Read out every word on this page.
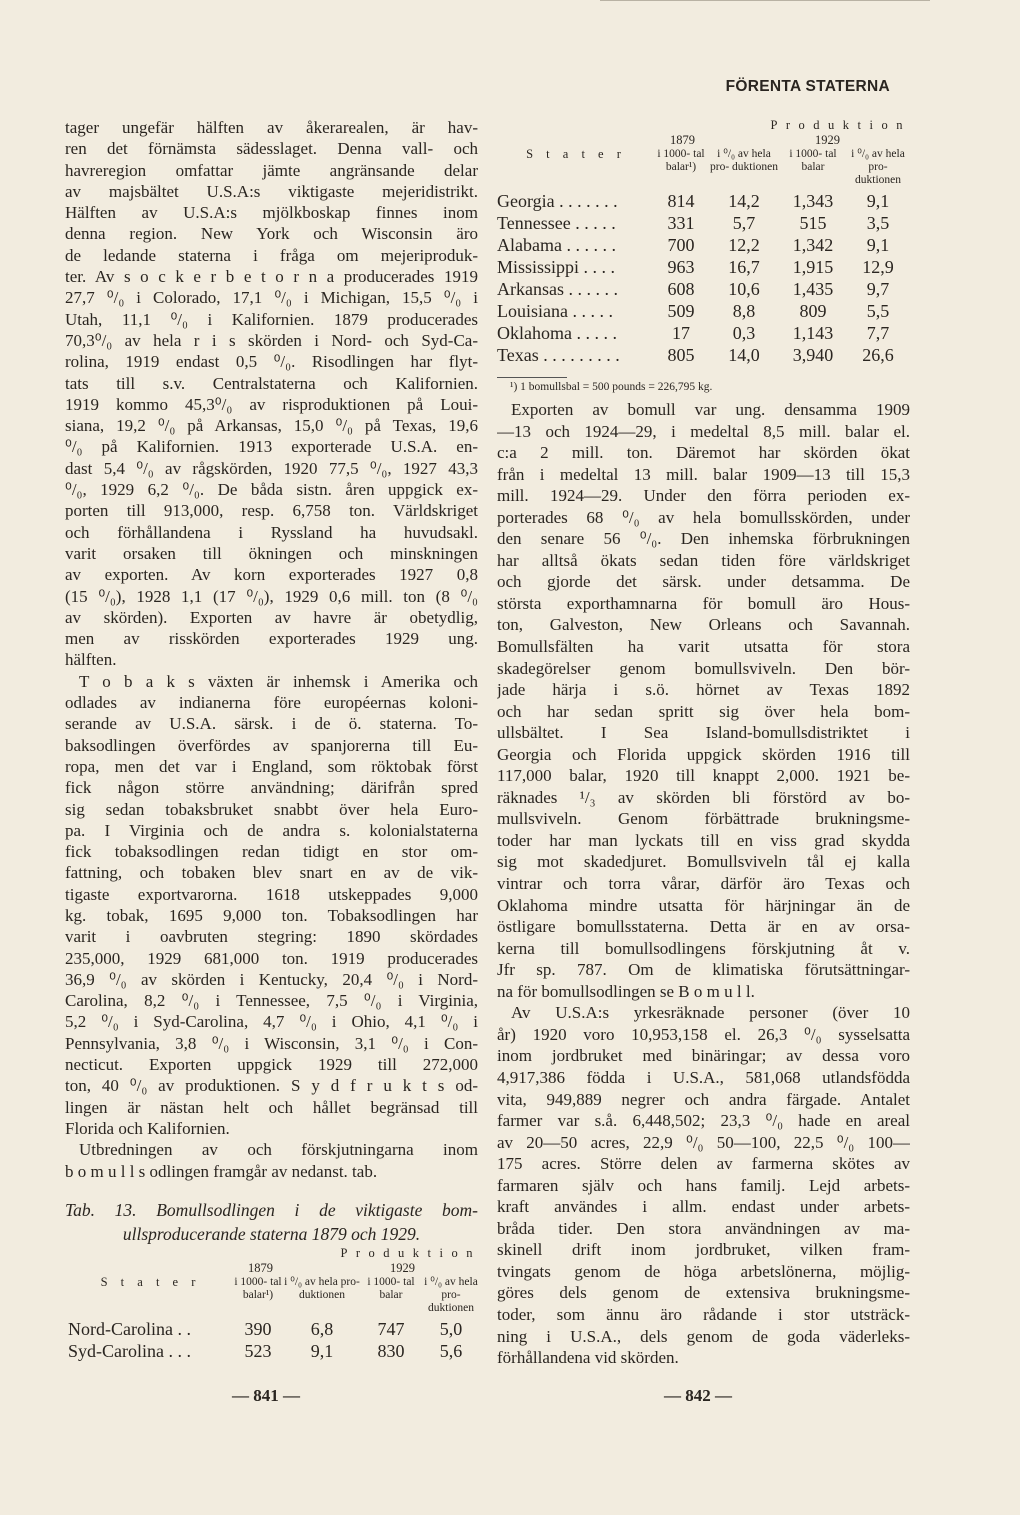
FÖRENTA STATERNA
tager ungefär hälften av åkerarealen, är hav-
ren det förnämsta sädesslaget. Denna vall- och
havreregion omfattar jämte angränsande delar
av majsbältet U.S.A:s viktigaste mejeridistrikt.
Hälften av U.S.A:s mjölkboskap finnes inom
denna region. New York och Wisconsin äro
de ledande staterna i fråga om mejeriproduk-
ter. Av s o c k e r b e t o r n a producerades 1919
27,7 ⁰/₀ i Colorado, 17,1 ⁰/₀ i Michigan, 15,5 ⁰/₀ i
Utah, 11,1 ⁰/₀ i Kalifornien. 1879 producerades
70,3⁰/₀ av hela r i s skörden i Nord- och Syd-Ca-
rolina, 1919 endast 0,5 ⁰/₀. Risodlingen har flyt-
tats till s.v. Centralstaterna och Kalifornien.
1919 kommo 45,3⁰/₀ av risproduktionen på Loui-
siana, 19,2 ⁰/₀ på Arkansas, 15,0 ⁰/₀ på Texas, 19,6
⁰/₀ på Kalifornien. 1913 exporterade U.S.A. en-
dast 5,4 ⁰/₀ av rågskörden, 1920 77,5 ⁰/₀, 1927 43,3
⁰/₀, 1929 6,2 ⁰/₀. De båda sistn. åren uppgick ex-
porten till 913,000, resp. 6,758 ton. Världskriget
och förhållandena i Ryssland ha huvudsakl.
varit orsaken till ökningen och minskningen
av exporten. Av korn exporterades 1927 0,8
(15 ⁰/₀), 1928 1,1 (17 ⁰/₀), 1929 0,6 mill. ton (8 ⁰/₀
av skörden). Exporten av havre är obetydlig,
men av risskörden exporterades 1929 ung.
hälften.
T o b a k s växten är inhemsk i Amerika och
odlades av indianerna före européernas koloni-
serande av U.S.A. särsk. i de ö. staterna. To-
baksodlingen överfördes av spanjorerna till Eu-
ropa, men det var i England, som röktobak först
fick någon större användning; därifrån spred
sig sedan tobaksbruket snabbt över hela Euro-
pa. I Virginia och de andra s. kolonialstaterna
fick tobaksodlingen redan tidigt en stor om-
fattning, och tobaken blev snart en av de vik-
tigaste exportvarorna. 1618 utskeppades 9,000
kg. tobak, 1695 9,000 ton. Tobaksodlingen har
varit i oavbruten stegring: 1890 skördades
235,000, 1929 681,000 ton. 1919 producerades
36,9 ⁰/₀ av skörden i Kentucky, 20,4 ⁰/₀ i Nord-
Carolina, 8,2 ⁰/₀ i Tennessee, 7,5 ⁰/₀ i Virginia,
5,2 ⁰/₀ i Syd-Carolina, 4,7 ⁰/₀ i Ohio, 4,1 ⁰/₀ i
Pennsylvania, 3,8 ⁰/₀ i Wisconsin, 3,1 ⁰/₀ i Con-
necticut. Exporten uppgick 1929 till 272,000
ton, 40 ⁰/₀ av produktionen. S y d f r u k t s od-
lingen är nästan helt och hållet begränsad till
Florida och Kalifornien.
Utbredningen av och förskjutningarna inom
b o m u l l s odlingen framgår av nedanst. tab.
Tab. 13. Bomullsodlingen i de viktigaste bom-
ullsproducerande staterna 1879 och 1929.
Produktion
1879	1929
S t a t e r	i 1000- tal balar¹)
i ⁰/₀ av hela pro- duktionen
i 1000- tal balar
i ⁰/₀ av hela pro- duktionen
Nord-Carolina . .	390	6,8	747	5,0
Syd-Carolina . . .	523	9,1	830	5,6
Produktion
1879	1929
S t a t e r	i 1000- tal balar¹)
i ⁰/₀ av hela pro- duktionen
i 1000- tal balar
i ⁰/₀ av hela pro- duktionen
Georgia . . . . . . .	814	14,2	1,343	9,1
Tennessee . . . . .	331	5,7	515	3,5
Alabama . . . . . .	700	12,2	1,342	9,1
Mississippi . . . .	963	16,7	1,915	12,9
Arkansas . . . . . .	608	10,6	1,435	9,7
Louisiana . . . . .	509	8,8	809	5,5
Oklahoma . . . . .	17	0,3	1,143	7,7
Texas . . . . . . . . .	805	14,0	3,940	26,6
¹) 1 bomullsbal = 500 pounds = 226,795 kg.
Exporten av bomull var ung. densamma 1909
—13 och 1924—29, i medeltal 8,5 mill. balar el.
c:a 2 mill. ton. Däremot har skörden ökat
från i medeltal 13 mill. balar 1909—13 till 15,3
mill. 1924—29. Under den förra perioden ex-
porterades 68 ⁰/₀ av hela bomullsskörden, under
den senare 56 ⁰/₀. Den inhemska förbrukningen
har alltså ökats sedan tiden före världskriget
och gjorde det särsk. under detsamma. De
största exporthamnarna för bomull äro Hous-
ton, Galveston, New Orleans och Savannah.
Bomullsfälten ha varit utsatta för stora
skadegörelser genom bomullsviveln. Den bör-
jade härja i s.ö. hörnet av Texas 1892
och har sedan spritt sig över hela bom-
ullsbältet. I Sea Island-bomullsdistriktet i
Georgia och Florida uppgick skörden 1916 till
117,000 balar, 1920 till knappt 2,000. 1921 be-
räknades ¹/₃ av skörden bli förstörd av bo-
mullsviveln. Genom förbättrade brukningsme-
toder har man lyckats till en viss grad skydda
sig mot skadedjuret. Bomullsviveln tål ej kalla
vintrar och torra vårar, därför äro Texas och
Oklahoma mindre utsatta för härjningar än de
östligare bomullsstaterna. Detta är en av orsa-
kerna till bomullsodlingens förskjutning åt v.
Jfr sp. 787. Om de klimatiska förutsättningar-
na för bomullsodlingen se B o m u l l.
Av U.S.A:s yrkesräknade personer (över 10
år) 1920 voro 10,953,158 el. 26,3 ⁰/₀ sysselsatta
inom jordbruket med binäringar; av dessa voro
4,917,386 födda i U.S.A., 581,068 utlandsfödda
vita, 949,889 negrer och andra färgade. Antalet
farmer var s.å. 6,448,502; 23,3 ⁰/₀ hade en areal
av 20—50 acres, 22,9 ⁰/₀ 50—100, 22,5 ⁰/₀ 100—
175 acres. Större delen av farmerna skötes av
farmaren själv och hans familj. Lejd arbets-
kraft användes i allm. endast under arbets-
bråda tider. Den stora användningen av ma-
skinell drift inom jordbruket, vilken fram-
tvingats genom de höga arbetslönerna, möjlig-
göres dels genom de extensiva brukningsme-
toder, som ännu äro rådande i stor utsträck-
ning i U.S.A., dels genom de goda väderleks-
förhållandena vid skörden.
— 841 —	— 842 —
